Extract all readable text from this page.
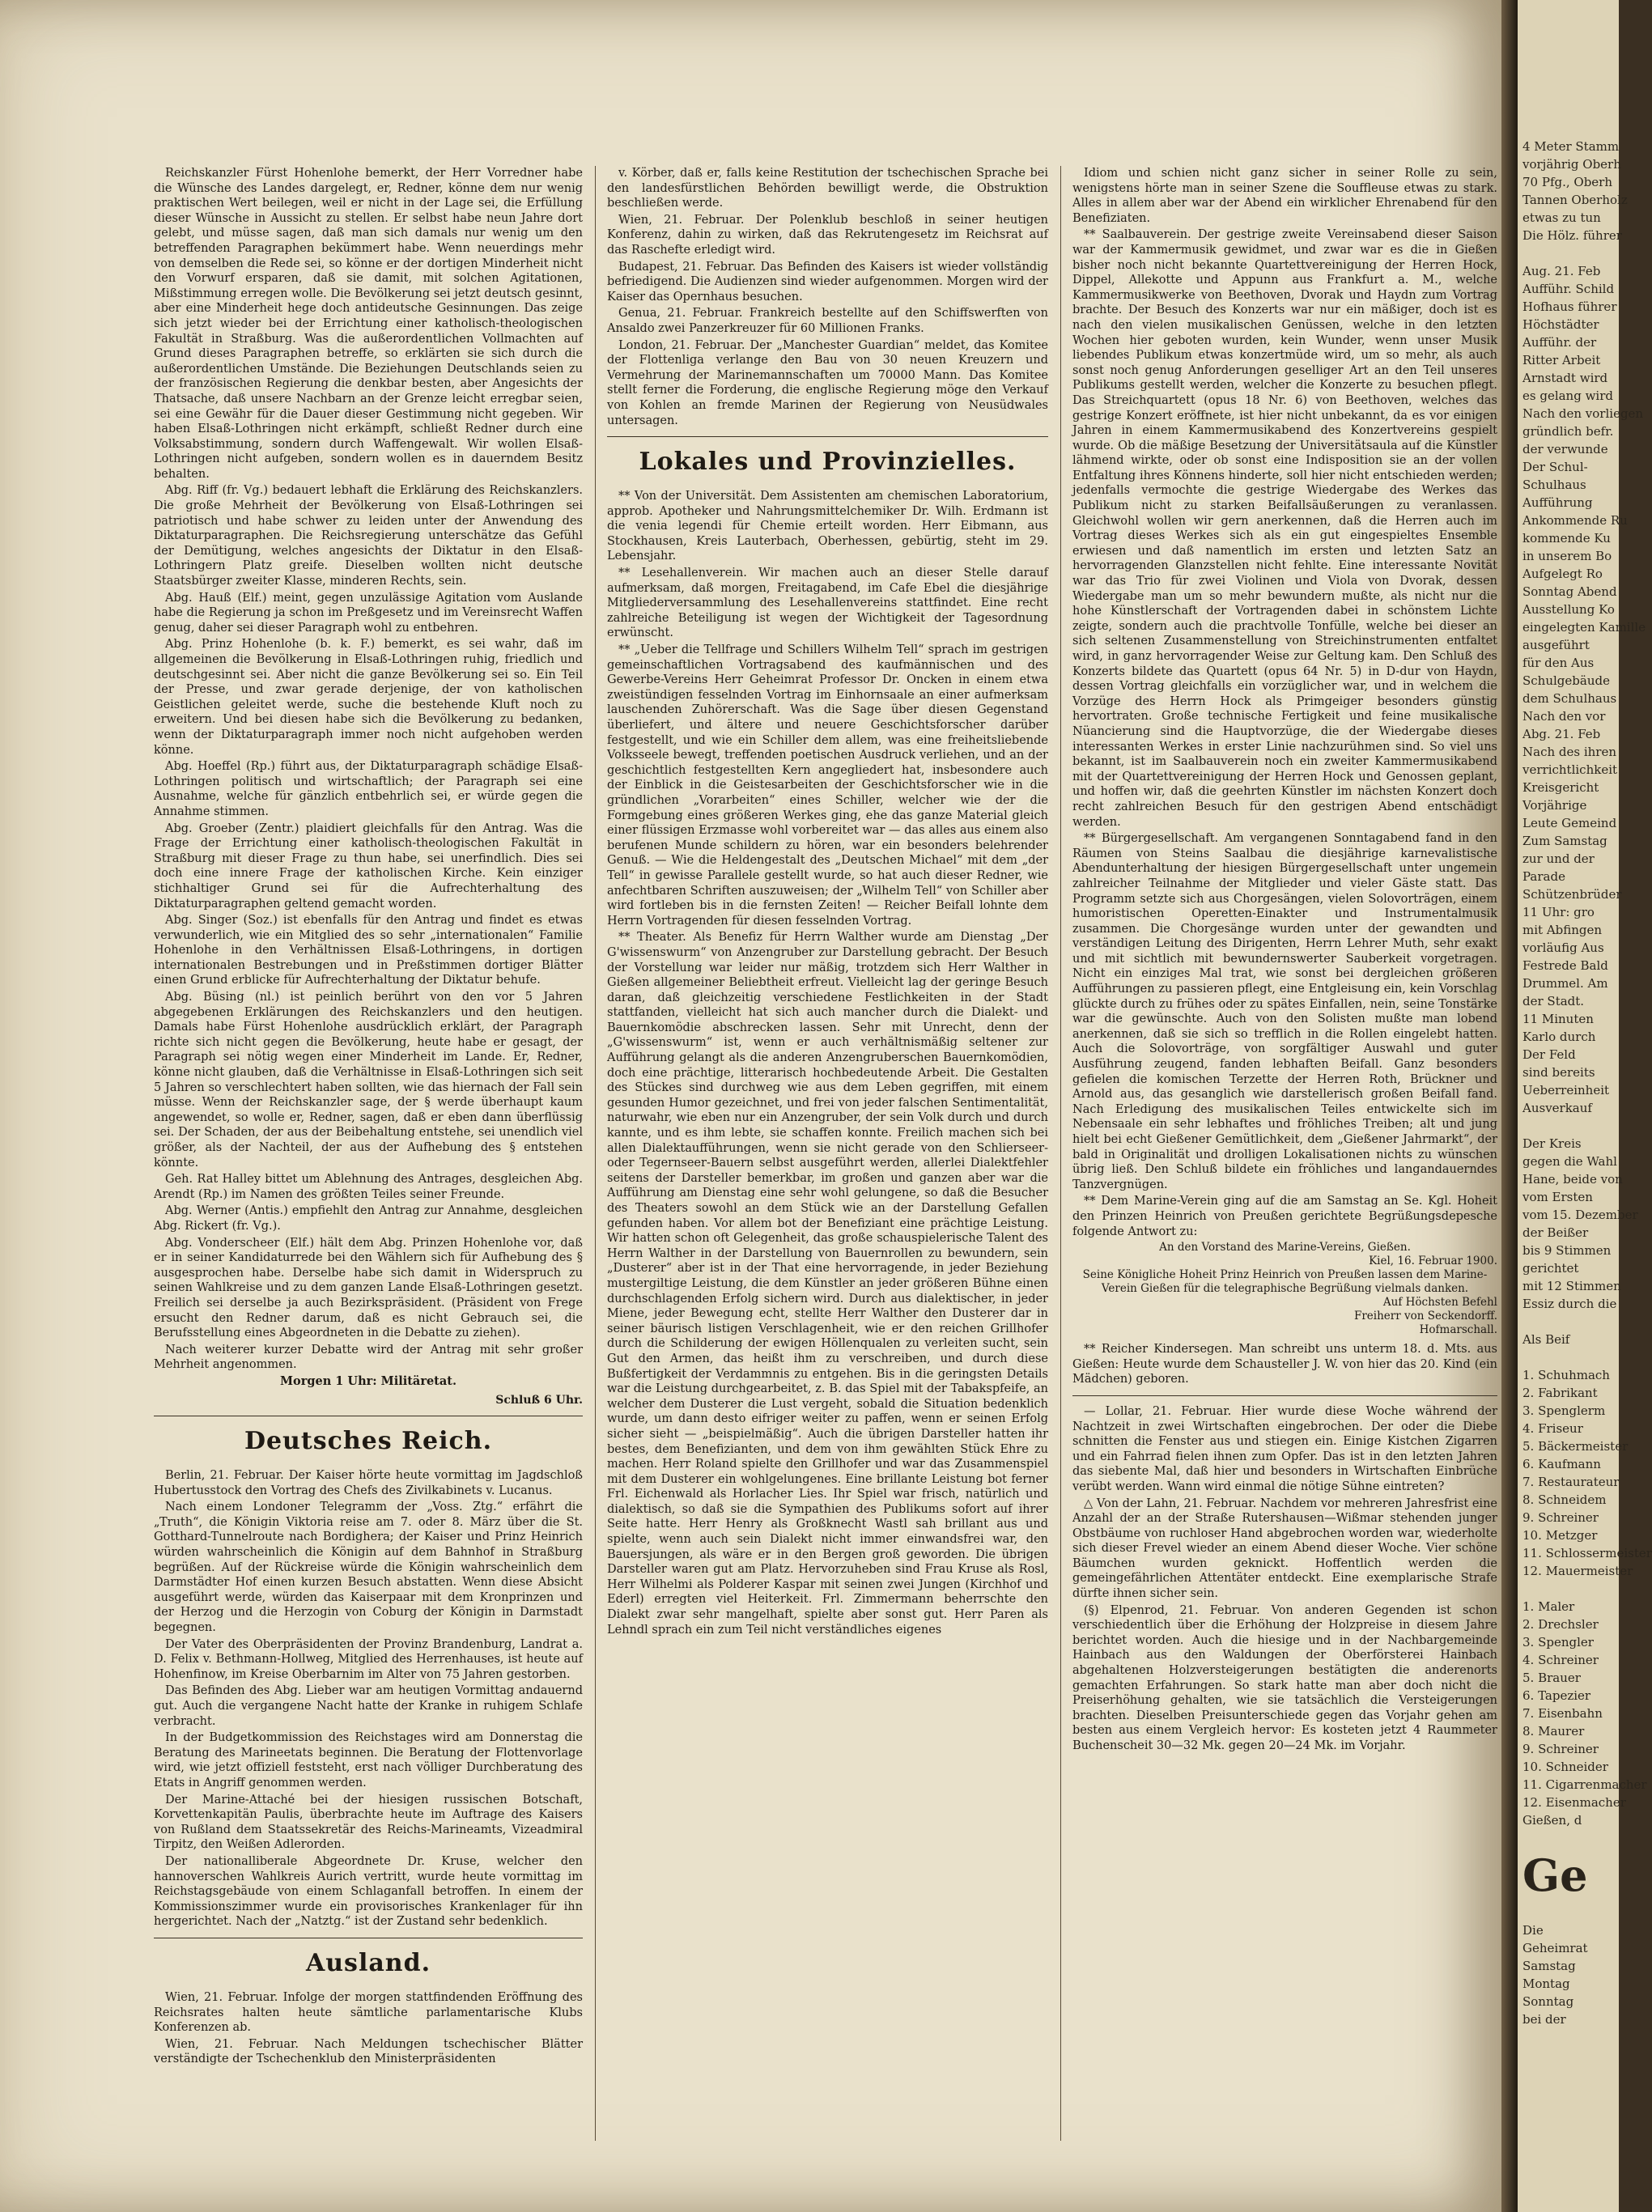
Reichskanzler Fürst Hohenlohe bemerkt, der Herr Vorredner habe die Wünsche des Landes dargelegt, er, Redner, könne dem nur wenig praktischen Wert beilegen, weil er nicht in der Lage sei, die Erfüllung dieser Wünsche in Aussicht zu stellen. Er selbst habe neun Jahre dort gelebt, und müsse sagen, daß man sich damals nur wenig um den betreffenden Paragraphen bekümmert habe. Wenn neuerdings mehr von demselben die Rede sei, so könne er der dortigen Minderheit nicht den Vorwurf ersparen, daß sie damit, mit solchen Agitationen, Mißstimmung erregen wolle. Die Bevölkerung sei jetzt deutsch gesinnt, aber eine Minderheit hege doch antideutsche Gesinnungen. Das zeige sich jetzt wieder bei der Errichtung einer katholisch-theologischen Fakultät in Straßburg. Was die außerordentlichen Vollmachten auf Grund dieses Paragraphen betreffe, so erklärten sie sich durch die außerordentlichen Umstände. Die Beziehungen Deutschlands seien zu der französischen Regierung die denkbar besten, aber Angesichts der Thatsache, daß unsere Nachbarn an der Grenze leicht erregbar seien, sei eine Gewähr für die Dauer dieser Gestimmung nicht gegeben. Wir haben Elsaß-Lothringen nicht erkämpft, schließt Redner durch eine Volksabstimmung, sondern durch Waffengewalt. Wir wollen Elsaß-Lothringen nicht aufgeben, sondern wollen es in dauerndem Besitz behalten.

Abg. Riff (fr. Vg.) bedauert lebhaft die Erklärung des Reichskanzlers. Die große Mehrheit der Bevölkerung von Elsaß-Lothringen sei patriotisch und habe schwer zu leiden unter der Anwendung des Diktaturparagraphen. Die Reichsregierung unterschätze das Gefühl der Demütigung, welches angesichts der Diktatur in den Elsaß-Lothringern Platz greife. Dieselben wollten nicht deutsche Staatsbürger zweiter Klasse, minderen Rechts, sein.

Abg. Hauß (Elf.) meint, gegen unzulässige Agitation vom Auslande habe die Regierung ja schon im Preßgesetz und im Vereinsrecht Waffen genug, daher sei dieser Paragraph wohl zu entbehren.

Abg. Prinz Hohenlohe (b. k. F.) bemerkt, es sei wahr, daß im allgemeinen die Bevölkerung in Elsaß-Lothringen ruhig, friedlich und deutschgesinnt sei. Aber nicht die ganze Bevölkerung sei so. Ein Teil der Presse, und zwar gerade derjenige, der von katholischen Geistlichen geleitet werde, suche die bestehende Kluft noch zu erweitern. Und bei diesen habe sich die Bevölkerung zu bedanken, wenn der Diktaturparagraph immer noch nicht aufgehoben werden könne.

Abg. Hoeffel (Rp.) führt aus, der Diktaturparagraph schädige Elsaß-Lothringen politisch und wirtschaftlich; der Paragraph sei eine Ausnahme, welche für gänzlich entbehrlich sei, er würde gegen die Annahme stimmen.

Abg. Groeber (Zentr.) plaidiert gleichfalls für den Antrag. Was die Frage der Errichtung einer katholisch-theologischen Fakultät in Straßburg mit dieser Frage zu thun habe, sei unerfindlich. Dies sei doch eine innere Frage der katholischen Kirche. Kein einziger stichhaltiger Grund sei für die Aufrechterhaltung des Diktaturparagraphen geltend gemacht worden.

Abg. Singer (Soz.) ist ebenfalls für den Antrag und findet es etwas verwunderlich, wie ein Mitglied des so sehr „internationalen“ Familie Hohenlohe in den Verhältnissen Elsaß-Lothringens, in dortigen internationalen Bestrebungen und in Preßstimmen dortiger Blätter einen Grund erblicke für Aufrechterhaltung der Diktatur behufe.

Abg. Büsing (nl.) ist peinlich berührt von den vor 5 Jahren abgegebenen Erklärungen des Reichskanzlers und den heutigen. Damals habe Fürst Hohenlohe ausdrücklich erklärt, der Paragraph richte sich nicht gegen die Bevölkerung, heute habe er gesagt, der Paragraph sei nötig wegen einer Minderheit im Lande. Er, Redner, könne nicht glauben, daß die Verhältnisse in Elsaß-Lothringen sich seit 5 Jahren so verschlechtert haben sollten, wie das hiernach der Fall sein müsse. Wenn der Reichskanzler sage, der § werde überhaupt kaum angewendet, so wolle er, Redner, sagen, daß er eben dann überflüssig sei. Der Schaden, der aus der Beibehaltung entstehe, sei unendlich viel größer, als der Nachteil, der aus der Aufhebung des § entstehen könnte.

Geh. Rat Halley bittet um Ablehnung des Antrages, desgleichen Abg. Arendt (Rp.) im Namen des größten Teiles seiner Freunde.

Abg. Werner (Antis.) empfiehlt den Antrag zur Annahme, desgleichen Abg. Rickert (fr. Vg.).

Abg. Vonderscheer (Elf.) hält dem Abg. Prinzen Hohenlohe vor, daß er in seiner Kandidaturrede bei den Wählern sich für Aufhebung des § ausgesprochen habe. Derselbe habe sich damit in Widerspruch zu seinen Wahlkreise und zu dem ganzen Lande Elsaß-Lothringen gesetzt. Freilich sei derselbe ja auch Bezirkspräsident. (Präsident von Frege ersucht den Redner darum, daß es nicht Gebrauch sei, die Berufsstellung eines Abgeordneten in die Debatte zu ziehen).

Nach weiterer kurzer Debatte wird der Antrag mit sehr großer Mehrheit angenommen.

Morgen 1 Uhr: Militäretat.

Schluß 6 Uhr.

Deutsches Reich.

Berlin, 21. Februar. Der Kaiser hörte heute vormittag im Jagdschloß Hubertusstock den Vortrag des Chefs des Zivilkabinets v. Lucanus.

Nach einem Londoner Telegramm der „Voss. Ztg.“ erfährt die „Truth“, die Königin Viktoria reise am 7. oder 8. März über die St. Gotthard-Tunnelroute nach Bordighera; der Kaiser und Prinz Heinrich würden wahrscheinlich die Königin auf dem Bahnhof in Straßburg begrüßen. Auf der Rückreise würde die Königin wahrscheinlich dem Darmstädter Hof einen kurzen Besuch abstatten. Wenn diese Absicht ausgeführt werde, würden das Kaiserpaar mit dem Kronprinzen und der Herzog und die Herzogin von Coburg der Königin in Darmstadt begegnen.

Der Vater des Oberpräsidenten der Provinz Brandenburg, Landrat a. D. Felix v. Bethmann-Hollweg, Mitglied des Herrenhauses, ist heute auf Hohenfinow, im Kreise Oberbarnim im Alter von 75 Jahren gestorben.

Das Befinden des Abg. Lieber war am heutigen Vormittag andauernd gut. Auch die vergangene Nacht hatte der Kranke in ruhigem Schlafe verbracht.

In der Budgetkommission des Reichstages wird am Donnerstag die Beratung des Marineetats beginnen. Die Beratung der Flottenvorlage wird, wie jetzt offiziell feststeht, erst nach völliger Durchberatung des Etats in Angriff genommen werden.

Der Marine-Attaché bei der hiesigen russischen Botschaft, Korvettenkapitän Paulis, überbrachte heute im Auftrage des Kaisers von Rußland dem Staatssekretär des Reichs-Marineamts, Vizeadmiral Tirpitz, den Weißen Adlerorden.

Der nationalliberale Abgeordnete Dr. Kruse, welcher den hannoverschen Wahlkreis Aurich vertritt, wurde heute vormittag im Reichstagsgebäude von einem Schlaganfall betroffen. In einem der Kommissionszimmer wurde ein provisorisches Krankenlager für ihn hergerichtet. Nach der „Natztg.“ ist der Zustand sehr bedenklich.

Ausland.

Wien, 21. Februar. Infolge der morgen stattfindenden Eröffnung des Reichsrates halten heute sämtliche parlamentarische Klubs Konferenzen ab.

Wien, 21. Februar. Nach Meldungen tschechischer Blätter verständigte der Tschechenklub den Ministerpräsidenten

v. Körber, daß er, falls keine Restitution der tschechischen Sprache bei den landesfürstlichen Behörden bewilligt werde, die Obstruktion beschließen werde.

Wien, 21. Februar. Der Polenklub beschloß in seiner heutigen Konferenz, dahin zu wirken, daß das Rekrutengesetz im Reichsrat auf das Raschefte erledigt wird.

Budapest, 21. Februar. Das Befinden des Kaisers ist wieder vollständig befriedigend. Die Audienzen sind wieder aufgenommen. Morgen wird der Kaiser das Opernhaus besuchen.

Genua, 21. Februar. Frankreich bestellte auf den Schiffswerften von Ansaldo zwei Panzerkreuzer für 60 Millionen Franks.

London, 21. Februar. Der „Manchester Guardian“ meldet, das Komitee der Flottenliga verlange den Bau von 30 neuen Kreuzern und Vermehrung der Marinemannschaften um 70000 Mann. Das Komitee stellt ferner die Forderung, die englische Regierung möge den Verkauf von Kohlen an fremde Marinen der Regierung von Neusüdwales untersagen.

Lokales und Provinzielles.

** Von der Universität. Dem Assistenten am chemischen Laboratorium, approb. Apotheker und Nahrungsmittelchemiker Dr. Wilh. Erdmann ist die venia legendi für Chemie erteilt worden. Herr Eibmann, aus Stockhausen, Kreis Lauterbach, Oberhessen, gebürtig, steht im 29. Lebensjahr.

** Lesehallenverein. Wir machen auch an dieser Stelle darauf aufmerksam, daß morgen, Freitagabend, im Cafe Ebel die diesjährige Mitgliederversammlung des Lesehallenvereins stattfindet. Eine recht zahlreiche Beteiligung ist wegen der Wichtigkeit der Tagesordnung erwünscht.

** „Ueber die Tellfrage und Schillers Wilhelm Tell“ sprach im gestrigen gemeinschaftlichen Vortragsabend des kaufmännischen und des Gewerbe-Vereins Herr Geheimrat Professor Dr. Oncken in einem etwa zweistündigen fesselnden Vortrag im Einhornsaale an einer aufmerksam lauschenden Zuhörerschaft. Was die Sage über diesen Gegenstand überliefert, und ältere und neuere Geschichtsforscher darüber festgestellt, und wie ein Schiller dem allem, was eine freiheitsliebende Volksseele bewegt, treffenden poetischen Ausdruck verliehen, und an der geschichtlich festgestellten Kern angegliedert hat, insbesondere auch der Einblick in die Geistesarbeiten der Geschichtsforscher wie in die gründlichen „Vorarbeiten“ eines Schiller, welcher wie der die Formgebung eines größeren Werkes ging, ehe das ganze Material gleich einer flüssigen Erzmasse wohl vorbereitet war — das alles aus einem also berufenen Munde schildern zu hören, war ein besonders belehrender Genuß. — Wie die Heldengestalt des „Deutschen Michael“ mit dem „der Tell“ in gewisse Parallele gestellt wurde, so hat auch dieser Redner, wie anfechtbaren Schriften auszuweisen; der „Wilhelm Tell“ von Schiller aber wird fortleben bis in die fernsten Zeiten! — Reicher Beifall lohnte dem Herrn Vortragenden für diesen fesselnden Vortrag.

** Theater. Als Benefiz für Herrn Walther wurde am Dienstag „Der G'wissenswurm“ von Anzengruber zur Darstellung gebracht. Der Besuch der Vorstellung war leider nur mäßig, trotzdem sich Herr Walther in Gießen allgemeiner Beliebtheit erfreut. Vielleicht lag der geringe Besuch daran, daß gleichzeitig verschiedene Festlichkeiten in der Stadt stattfanden, vielleicht hat sich auch mancher durch die Dialekt- und Bauernkomödie abschrecken lassen. Sehr mit Unrecht, denn der „G'wissenswurm“ ist, wenn er auch verhältnismäßig seltener zur Aufführung gelangt als die anderen Anzengruberschen Bauernkomödien, doch eine prächtige, litterarisch hochbedeutende Arbeit. Die Gestalten des Stückes sind durchweg wie aus dem Leben gegriffen, mit einem gesunden Humor gezeichnet, und frei von jeder falschen Sentimentalität, naturwahr, wie eben nur ein Anzengruber, der sein Volk durch und durch kannte, und es ihm lebte, sie schaffen konnte. Freilich machen sich bei allen Dialektaufführungen, wenn sie nicht gerade von den Schlierseer- oder Tegernseer-Bauern selbst ausgeführt werden, allerlei Dialektfehler seitens der Darsteller bemerkbar, im großen und ganzen aber war die Aufführung am Dienstag eine sehr wohl gelungene, so daß die Besucher des Theaters sowohl an dem Stück wie an der Darstellung Gefallen gefunden haben. Vor allem bot der Benefiziant eine prächtige Leistung. Wir hatten schon oft Gelegenheit, das große schauspielerische Talent des Herrn Walther in der Darstellung von Bauernrollen zu bewundern, sein „Dusterer“ aber ist in der That eine hervorragende, in jeder Beziehung mustergiltige Leistung, die dem Künstler an jeder größeren Bühne einen durchschlagenden Erfolg sichern wird. Durch aus dialektischer, in jeder Miene, jeder Bewegung echt, stellte Herr Walther den Dusterer dar in seiner bäurisch listigen Verschlagenheit, wie er den reichen Grillhofer durch die Schilderung der ewigen Höllenqualen zu verleiten sucht, sein Gut den Armen, das heißt ihm zu verschreiben, und durch diese Bußfertigkeit der Verdammnis zu entgehen. Bis in die geringsten Details war die Leistung durchgearbeitet, z. B. das Spiel mit der Tabakspfeife, an welcher dem Dusterer die Lust vergeht, sobald die Situation bedenklich wurde, um dann desto eifriger weiter zu paffen, wenn er seinen Erfolg sicher sieht — „beispielmäßig“. Auch die übrigen Darsteller hatten ihr bestes, dem Benefizianten, und dem von ihm gewählten Stück Ehre zu machen. Herr Roland spielte den Grillhofer und war das Zusammenspiel mit dem Dusterer ein wohlgelungenes. Eine brillante Leistung bot ferner Frl. Eichenwald als Horlacher Lies. Ihr Spiel war frisch, natürlich und dialektisch, so daß sie die Sympathien des Publikums sofort auf ihrer Seite hatte. Herr Henry als Großknecht Wastl sah brillant aus und spielte, wenn auch sein Dialekt nicht immer einwandsfrei war, den Bauersjungen, als wäre er in den Bergen groß geworden. Die übrigen Darsteller waren gut am Platz. Hervorzuheben sind Frau Kruse als Rosl, Herr Wilhelmi als Polderer Kaspar mit seinen zwei Jungen (Kirchhof und Ederl) erregten viel Heiterkeit. Frl. Zimmermann beherrschte den Dialekt zwar sehr mangelhaft, spielte aber sonst gut. Herr Paren als Lehndl sprach ein zum Teil nicht verständliches eigenes

Idiom und schien nicht ganz sicher in seiner Rolle zu sein, wenigstens hörte man in seiner Szene die Souffleuse etwas zu stark. Alles in allem aber war der Abend ein wirklicher Ehrenabend für den Benefiziaten.

** Saalbauverein. Der gestrige zweite Vereinsabend dieser Saison war der Kammermusik gewidmet, und zwar war es die in Gießen bisher noch nicht bekannte Quartettvereinigung der Herren Hock, Dippel, Allekotte und Appunn aus Frankfurt a. M., welche Kammermusikwerke von Beethoven, Dvorak und Haydn zum Vortrag brachte. Der Besuch des Konzerts war nur ein mäßiger, doch ist es nach den vielen musikalischen Genüssen, welche in den letzten Wochen hier geboten wurden, kein Wunder, wenn unser Musik liebendes Publikum etwas konzertmüde wird, um so mehr, als auch sonst noch genug Anforderungen geselliger Art an den Teil unseres Publikums gestellt werden, welcher die Konzerte zu besuchen pflegt. Das Streichquartett (opus 18 Nr. 6) von Beethoven, welches das gestrige Konzert eröffnete, ist hier nicht unbekannt, da es vor einigen Jahren in einem Kammermusikabend des Konzertvereins gespielt wurde. Ob die mäßige Besetzung der Universitätsaula auf die Künstler lähmend wirkte, oder ob sonst eine Indisposition sie an der vollen Entfaltung ihres Könnens hinderte, soll hier nicht entschieden werden; jedenfalls vermochte die gestrige Wiedergabe des Werkes das Publikum nicht zu starken Beifallsäußerungen zu veranlassen. Gleichwohl wollen wir gern anerkennen, daß die Herren auch im Vortrag dieses Werkes sich als ein gut eingespieltes Ensemble erwiesen und daß namentlich im ersten und letzten Satz an hervorragenden Glanzstellen nicht fehlte. Eine interessante Novität war das Trio für zwei Violinen und Viola von Dvorak, dessen Wiedergabe man um so mehr bewundern mußte, als nicht nur die hohe Künstlerschaft der Vortragenden dabei in schönstem Lichte zeigte, sondern auch die prachtvolle Tonfülle, welche bei dieser an sich seltenen Zusammenstellung von Streichinstrumenten entfaltet wird, in ganz hervorragender Weise zur Geltung kam. Den Schluß des Konzerts bildete das Quartett (opus 64 Nr. 5) in D-dur von Haydn, dessen Vortrag gleichfalls ein vorzüglicher war, und in welchem die Vorzüge des Herrn Hock als Primgeiger besonders günstig hervortraten. Große technische Fertigkeit und feine musikalische Nüancierung sind die Hauptvorzüge, die der Wiedergabe dieses interessanten Werkes in erster Linie nachzurühmen sind. So viel uns bekannt, ist im Saalbauverein noch ein zweiter Kammermusikabend mit der Quartettvereinigung der Herren Hock und Genossen geplant, und hoffen wir, daß die geehrten Künstler im nächsten Konzert doch recht zahlreichen Besuch für den gestrigen Abend entschädigt werden.

** Bürgergesellschaft. Am vergangenen Sonntagabend fand in den Räumen von Steins Saalbau die diesjährige karnevalistische Abendunterhaltung der hiesigen Bürgergesellschaft unter ungemein zahlreicher Teilnahme der Mitglieder und vieler Gäste statt. Das Programm setzte sich aus Chorgesängen, vielen Solovorträgen, einem humoristischen Operetten-Einakter und Instrumentalmusik zusammen. Die Chorgesänge wurden unter der gewandten und verständigen Leitung des Dirigenten, Herrn Lehrer Muth, sehr exakt und mit sichtlich mit bewundernswerter Sauberkeit vorgetragen. Nicht ein einziges Mal trat, wie sonst bei dergleichen größeren Aufführungen zu passieren pflegt, eine Entgleisung ein, kein Vorschlag glückte durch zu frühes oder zu spätes Einfallen, nein, seine Tonstärke war die gewünschte. Auch von den Solisten mußte man lobend anerkennen, daß sie sich so trefflich in die Rollen eingelebt hatten. Auch die Solovorträge, von sorgfältiger Auswahl und guter Ausführung zeugend, fanden lebhaften Beifall. Ganz besonders gefielen die komischen Terzette der Herren Roth, Brückner und Arnold aus, das gesanglich wie darstellerisch großen Beifall fand. Nach Erledigung des musikalischen Teiles entwickelte sich im Nebensaale ein sehr lebhaftes und fröhliches Treiben; alt und jung hielt bei echt Gießener Gemütlichkeit, dem „Gießener Jahrmarkt“, der bald in Originalität und drolligen Lokalisationen nichts zu wünschen übrig ließ. Den Schluß bildete ein fröhliches und langandauerndes Tanzvergnügen.

** Dem Marine-Verein ging auf die am Samstag an Se. Kgl. Hoheit den Prinzen Heinrich von Preußen gerichtete Begrüßungsdepesche folgende Antwort zu:

An den Vorstand des Marine-Vereins, Gießen.
Kiel, 16. Februar 1900.
Seine Königliche Hoheit Prinz Heinrich von Preußen lassen dem Marine-Verein Gießen für die telegraphische Begrüßung vielmals danken.
Auf Höchsten Befehl
Freiherr von Seckendorff.
Hofmarschall.

** Reicher Kindersegen. Man schreibt uns unterm 18. d. Mts. aus Gießen: Heute wurde dem Schausteller J. W. von hier das 20. Kind (ein Mädchen) geboren.

— Lollar, 21. Februar. Hier wurde diese Woche während der Nachtzeit in zwei Wirtschaften eingebrochen. Der oder die Diebe schnitten die Fenster aus und stiegen ein. Einige Kistchen Zigarren und ein Fahrrad fielen ihnen zum Opfer. Das ist in den letzten Jahren das siebente Mal, daß hier und besonders in Wirtschaften Einbrüche verübt werden. Wann wird einmal die nötige Sühne eintreten?

△ Von der Lahn, 21. Februar. Nachdem vor mehreren Jahresfrist eine Anzahl der an der Straße Rutershausen—Wißmar stehenden junger Obstbäume von ruchloser Hand abgebrochen worden war, wiederholte sich dieser Frevel wieder an einem Abend dieser Woche. Vier schöne Bäumchen wurden geknickt. Hoffentlich werden die gemeingefährlichen Attentäter entdeckt. Eine exemplarische Strafe dürfte ihnen sicher sein.

(§) Elpenrod, 21. Februar. Von anderen Gegenden ist schon verschiedentlich über die Erhöhung der Holzpreise in diesem Jahre berichtet worden. Auch die hiesige und in der Nachbargemeinde Hainbach aus den Waldungen der Oberförsterei Hainbach abgehaltenen Holzversteigerungen bestätigten die anderenorts gemachten Erfahrungen. So stark hatte man aber doch nicht die Preiserhöhung gehalten, wie sie tatsächlich die Versteigerungen brachten. Dieselben Preisunterschiede gegen das Vorjahr gehen am besten aus einem Vergleich hervor: Es kosteten jetzt 4 Raummeter Buchenscheit 30—32 Mk. gegen 20—24 Mk. im Vorjahr.

4 Meter Stamm
vorjährig Oberh
70 Pfg., Oberh
Tannen Oberholz
etwas zu tun
Die Hölz. führer

Aug. 21. Feb
Aufführ. Schild
Hofhaus führer
Höchstädter
Aufführ. der
Ritter Arbeit
Arnstadt wird
es gelang wird
Nach den vorliegen
gründlich befr.
der verwunde
Der Schul-
Schulhaus
Aufführung
Ankommende Ru
kommende Ku
in unserem Bo
Aufgelegt Ro
Sonntag Abend
Ausstellung Ko
eingelegten Kamille
ausgeführt
für den Aus
Schulgebäude
dem Schulhaus
Nach den vor
Abg. 21. Feb
Nach des ihren
verrichtlichkeit
Kreisgericht
Vorjährige
Leute Gemeind
Zum Samstag
zur und der
Parade
Schützenbrüder
11 Uhr: gro
mit Abfingen
vorläufig Aus
Festrede Bald
Drummel. Am
der Stadt.
11 Minuten
Karlo durch
Der Feld
sind bereits
Ueberreinheit
Ausverkauf

Der Kreis
gegen die Wahl
Hane, beide von
vom Ersten
vom 15. Dezember
der Beißer
bis 9 Stimmen
gerichtet
mit 12 Stimmen
Essiz durch die

Als Beif

1. Schuhmach
2. Fabrikant
3. Spenglerm
4. Friseur
5. Bäckermeister
6. Kaufmann
7. Restaurateur
8. Schneidem
9. Schreiner
10. Metzger
11. Schlossermeister
12. Mauermeister

1. Maler
2. Drechsler
3. Spengler
4. Schreiner
5. Brauer
6. Tapezier
7. Eisenbahn
8. Maurer
9. Schreiner
10. Schneider
11. Cigarrenmacher
12. Eisenmacher
Gießen, d

Ge

Die
Geheimrat
Samstag
Montag
Sonntag
bei der
